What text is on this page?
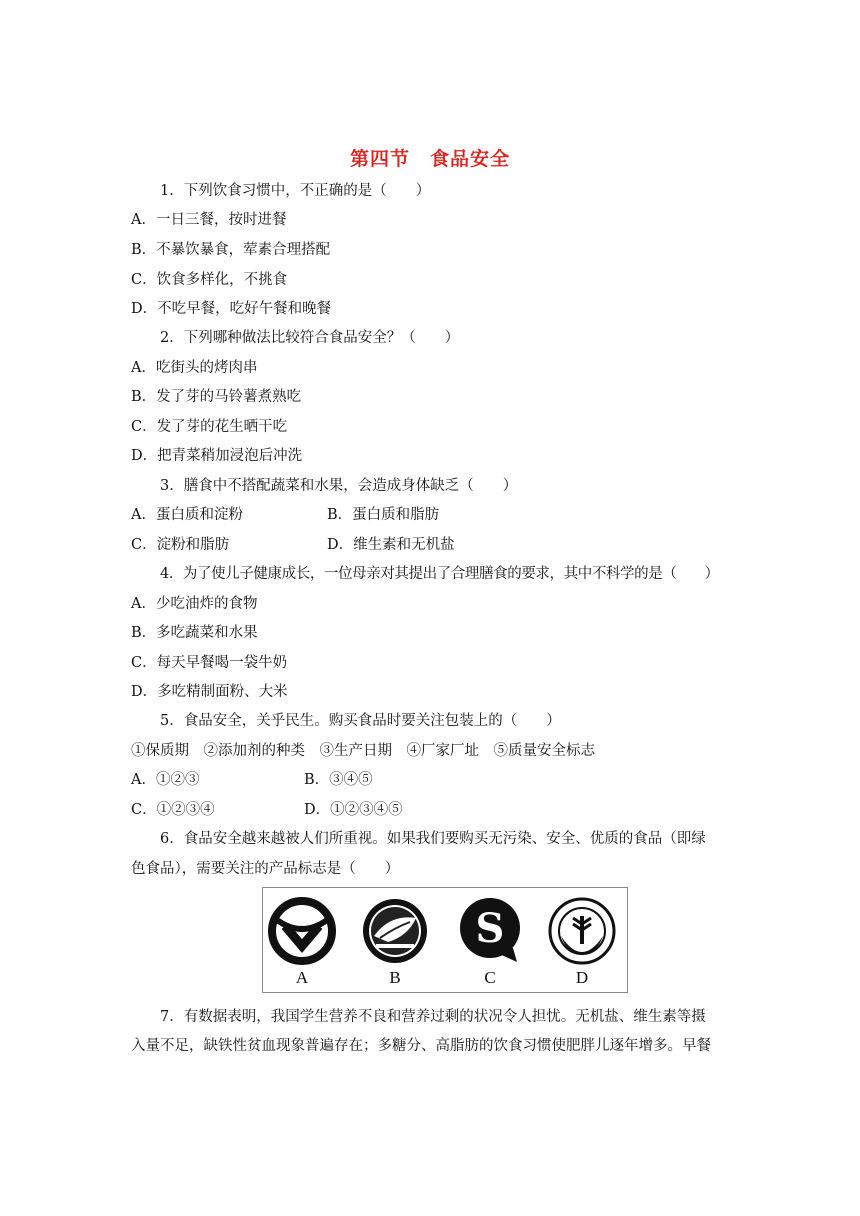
第四节 食品安全
1．下列饮食习惯中，不正确的是（　　）
A．一日三餐，按时进餐
B．不暴饮暴食，荤素合理搭配
C．饮食多样化，不挑食
D．不吃早餐，吃好午餐和晚餐
2．下列哪种做法比较符合食品安全？（　　）
A．吃街头的烤肉串
B．发了芽的马铃薯煮熟吃
C．发了芽的花生晒干吃
D．把青菜稍加浸泡后冲洗
3．膳食中不搭配蔬菜和水果，会造成身体缺乏（　　）
A．蛋白质和淀粉	B．蛋白质和脂肪
C．淀粉和脂肪	D．维生素和无机盐
4．为了使儿子健康成长，一位母亲对其提出了合理膳食的要求，其中不科学的是（　　）
A．少吃油炸的食物
B．多吃蔬菜和水果
C．每天早餐喝一袋牛奶
D．多吃精制面粉、大米
5．食品安全，关乎民生。购买食品时要关注包装上的（　　）
①保质期　②添加剂的种类　③生产日期　④厂家厂址　⑤质量安全标志
A．①②③	B．③④⑤
C．①②③④	D．①②③④⑤
6．食品安全越来越被人们所重视。如果我们要购买无污染、安全、优质的食品（即绿
色食品），需要关注的产品标志是（　　）
A	B
S
C	D
7．有数据表明，我国学生营养不良和营养过剩的状况令人担忧。无机盐、维生素等摄
入量不足，缺铁性贫血现象普遍存在；多糖分、高脂肪的饮食习惯使肥胖儿逐年增多。早餐
